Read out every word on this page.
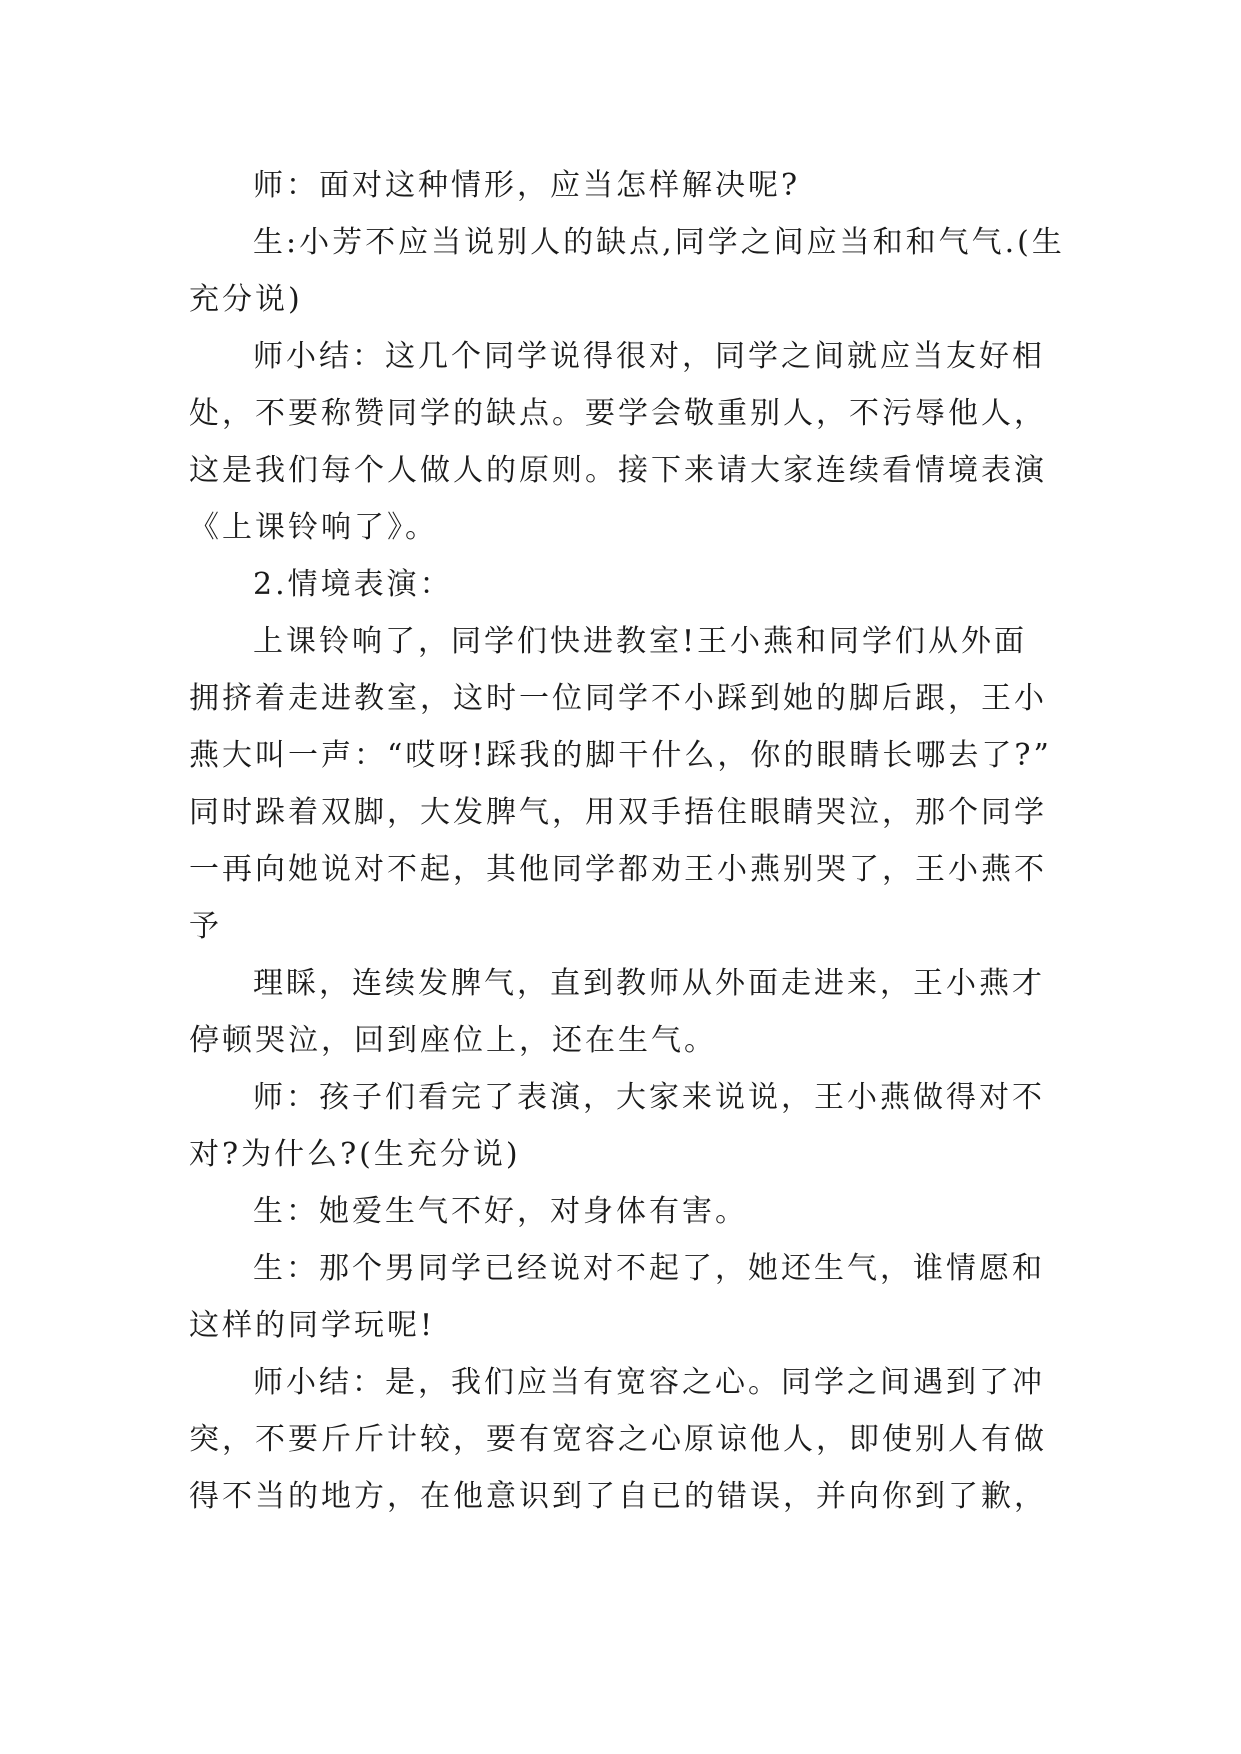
师：面对这种情形，应当怎样解决呢?

生:小芳不应当说别人的缺点,同学之间应当和和气气.(生
充分说)

师小结：这几个同学说得很对，同学之间就应当友好相
处，不要称赞同学的缺点。要学会敬重别人，不污辱他人，
这是我们每个人做人的原则。接下来请大家连续看情境表演
《上课铃响了》。

2.情境表演：

上课铃响了，同学们快进教室!王小燕和同学们从外面
拥挤着走进教室，这时一位同学不小踩到她的脚后跟，王小
燕大叫一声：“哎呀!踩我的脚干什么，你的眼睛长哪去了?”
同时跺着双脚，大发脾气，用双手捂住眼睛哭泣，那个同学
一再向她说对不起，其他同学都劝王小燕别哭了，王小燕不
予

理睬，连续发脾气，直到教师从外面走进来，王小燕才
停顿哭泣，回到座位上，还在生气。

师：孩子们看完了表演，大家来说说，王小燕做得对不
对?为什么?(生充分说)

生：她爱生气不好，对身体有害。

生：那个男同学已经说对不起了，她还生气，谁情愿和
这样的同学玩呢!

师小结：是，我们应当有宽容之心。同学之间遇到了冲
突，不要斤斤计较，要有宽容之心原谅他人，即使别人有做
得不当的地方，在他意识到了自已的错误，并向你到了歉，
